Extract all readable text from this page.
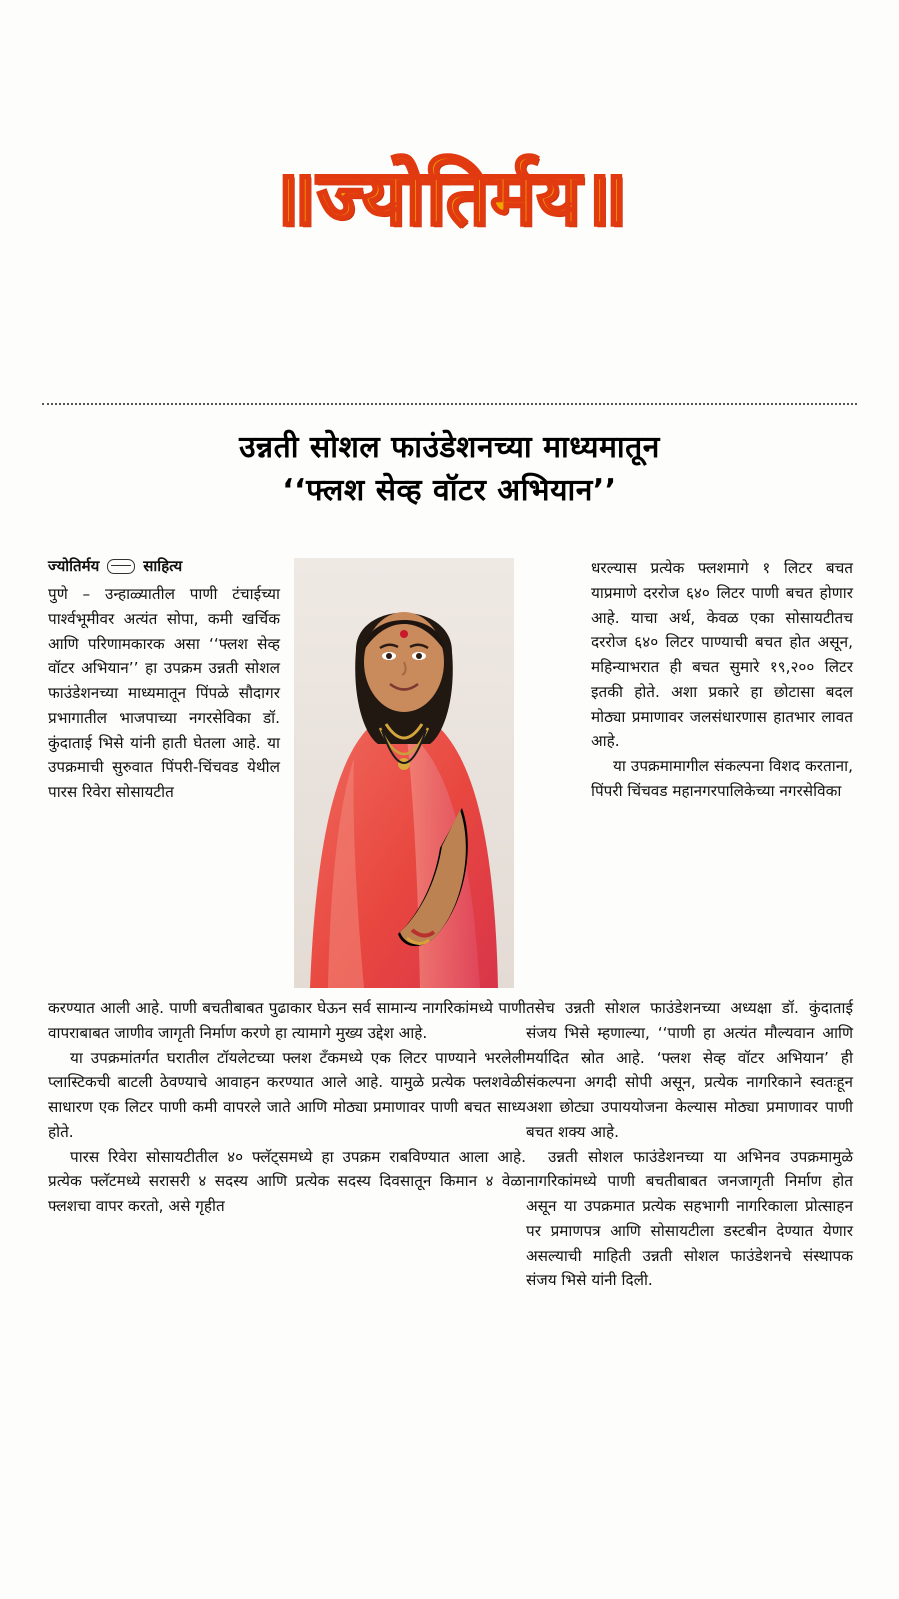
॥ज्योतिर्मय॥
उन्नती सोशल फाउंडेशनच्या माध्यमातून
‘‘फ्लश सेव्ह वॉटर अभियान’’
ज्योतिर्मय	साहित्य

पुणे – उन्हाळ्यातील पाणी टंचाईच्या पार्श्वभूमीवर अत्यंत सोपा, कमी खर्चिक आणि परिणामकारक असा ‘‘फ्लश सेव्ह वॉटर अभियान’’ हा उपक्रम उन्नती सोशल फाउंडेशनच्या माध्यमातून पिंपळे सौदागर प्रभागातील भाजपाच्या नगरसेविका डॉ. कुंदाताई भिसे यांनी हाती घेतला आहे. या उपक्रमाची सुरुवात पिंपरी-चिंचवड येथील पारस रिवेरा सोसायटीत

धरल्यास प्रत्येक फ्लशमागे १ लिटर बचत याप्रमाणे दररोज ६४० लिटर पाणी बचत होणार आहे. याचा अर्थ, केवळ एका सोसायटीतच दररोज ६४० लिटर पाण्याची बचत होत असून, महिन्याभरात ही बचत सुमारे १९,२०० लिटर इतकी होते. अशा प्रकारे हा छोटासा बदल मोठ्या प्रमाणावर जलसंधारणास हातभार लावत आहे.

या उपक्रमामागील संकल्पना विशद करताना, पिंपरी चिंचवड महानगरपालिकेच्या नगरसेविका

करण्यात आली आहे. पाणी बचतीबाबत पुढाकार घेऊन सर्व सामान्य नागरिकांमध्ये पाणी वापराबाबत जाणीव जागृती निर्माण करणे हा त्यामागे मुख्य उद्देश आहे.

या उपक्रमांतर्गत घरातील टॉयलेटच्या फ्लश टँकमध्ये एक लिटर पाण्याने भरलेली प्लास्टिकची बाटली ठेवण्याचे आवाहन करण्यात आले आहे. यामुळे प्रत्येक फ्लशवेळी साधारण एक लिटर पाणी कमी वापरले जाते आणि मोठ्या प्रमाणावर पाणी बचत साध्य होते.

पारस रिवेरा सोसायटीतील ४० फ्लॅट्समध्ये हा उपक्रम राबविण्यात आला आहे. प्रत्येक फ्लॅटमध्ये सरासरी ४ सदस्य आणि प्रत्येक सदस्य दिवसातून किमान ४ वेळा फ्लशचा वापर करतो, असे गृहीत

तसेच उन्नती सोशल फाउंडेशनच्या अध्यक्षा डॉ. कुंदाताई संजय भिसे म्हणाल्या, ‘‘पाणी हा अत्यंत मौल्यवान आणि मर्यादित स्रोत आहे. ‘फ्लश सेव्ह वॉटर अभियान’ ही संकल्पना अगदी सोपी असून, प्रत्येक नागरिकाने स्वतःहून अशा छोट्या उपाययोजना केल्यास मोठ्या प्रमाणावर पाणी बचत शक्य आहे.

उन्नती सोशल फाउंडेशनच्या या अभिनव उपक्रमामुळे नागरिकांमध्ये पाणी बचतीबाबत जनजागृती निर्माण होत असून या उपक्रमात प्रत्येक सहभागी नागरिकाला प्रोत्साहन पर प्रमाणपत्र आणि सोसायटीला डस्टबीन देण्यात येणार असल्याची माहिती उन्नती सोशल फाउंडेशनचे संस्थापक संजय भिसे यांनी दिली.
